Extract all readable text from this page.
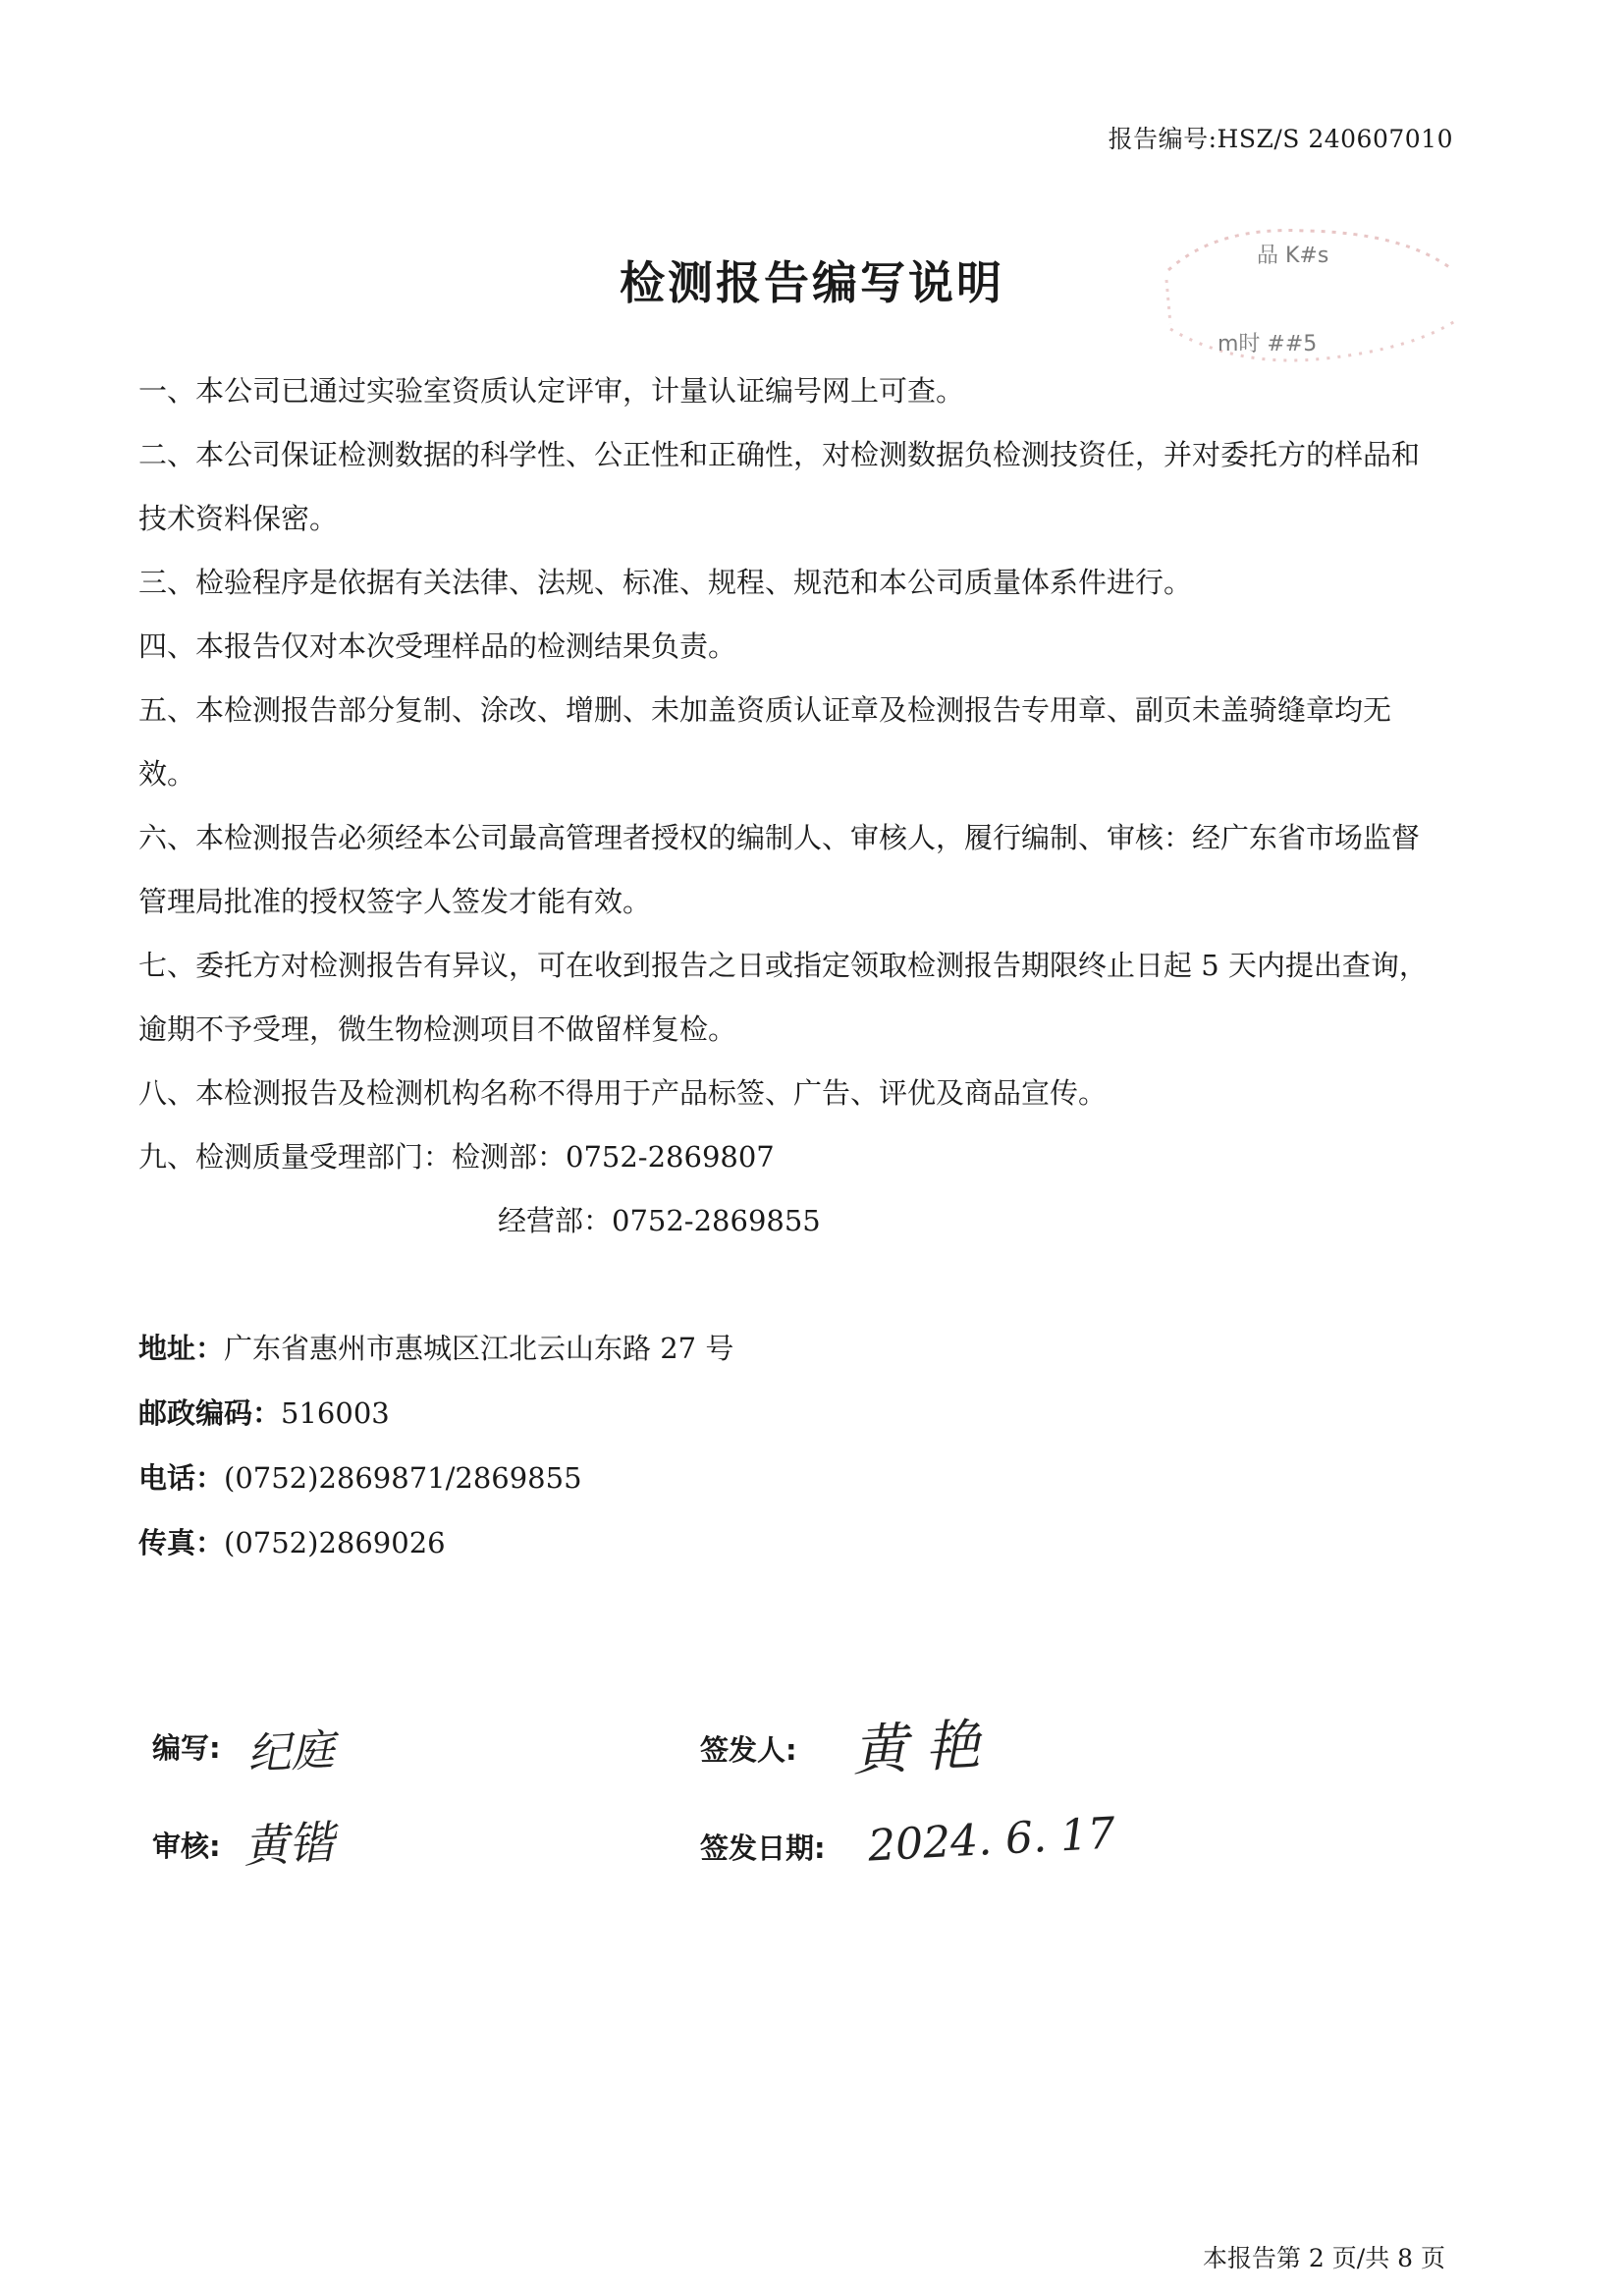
报告编号:HSZ/S 240607010
品 K#s
m时 ##5
检测报告编写说明

一、本公司已通过实验室资质认定评审，计量认证编号网上可查。

二、本公司保证检测数据的科学性、公正性和正确性，对检测数据负检测技资任，并对委托方的样品和技术资料保密。

三、检验程序是依据有关法律、法规、标准、规程、规范和本公司质量体系件进行。

四、本报告仅对本次受理样品的检测结果负责。

五、本检测报告部分复制、涂改、增删、未加盖资质认证章及检测报告专用章、副页未盖骑缝章均无效。

六、本检测报告必须经本公司最高管理者授权的编制人、审核人，履行编制、审核：经广东省市场监督管理局批准的授权签字人签发才能有效。

七、委托方对检测报告有异议，可在收到报告之日或指定领取检测报告期限终止日起 5 天内提出查询，逾期不予受理，微生物检测项目不做留样复检。

八、本检测报告及检测机构名称不得用于产品标签、广告、评优及商品宣传。

九、检测质量受理部门：检测部：0752-2869807

经营部：0752-2869855

地址：广东省惠州市惠城区江北云山东路 27 号

邮政编码：516003

电话：(0752)2869871/2869855

传真：(0752)2869026

编写: 纪庭
审核: 黄锴
签发人: 黄 艳
签发日期: 2024. 6. 17
本报告第 2 页/共 8 页
